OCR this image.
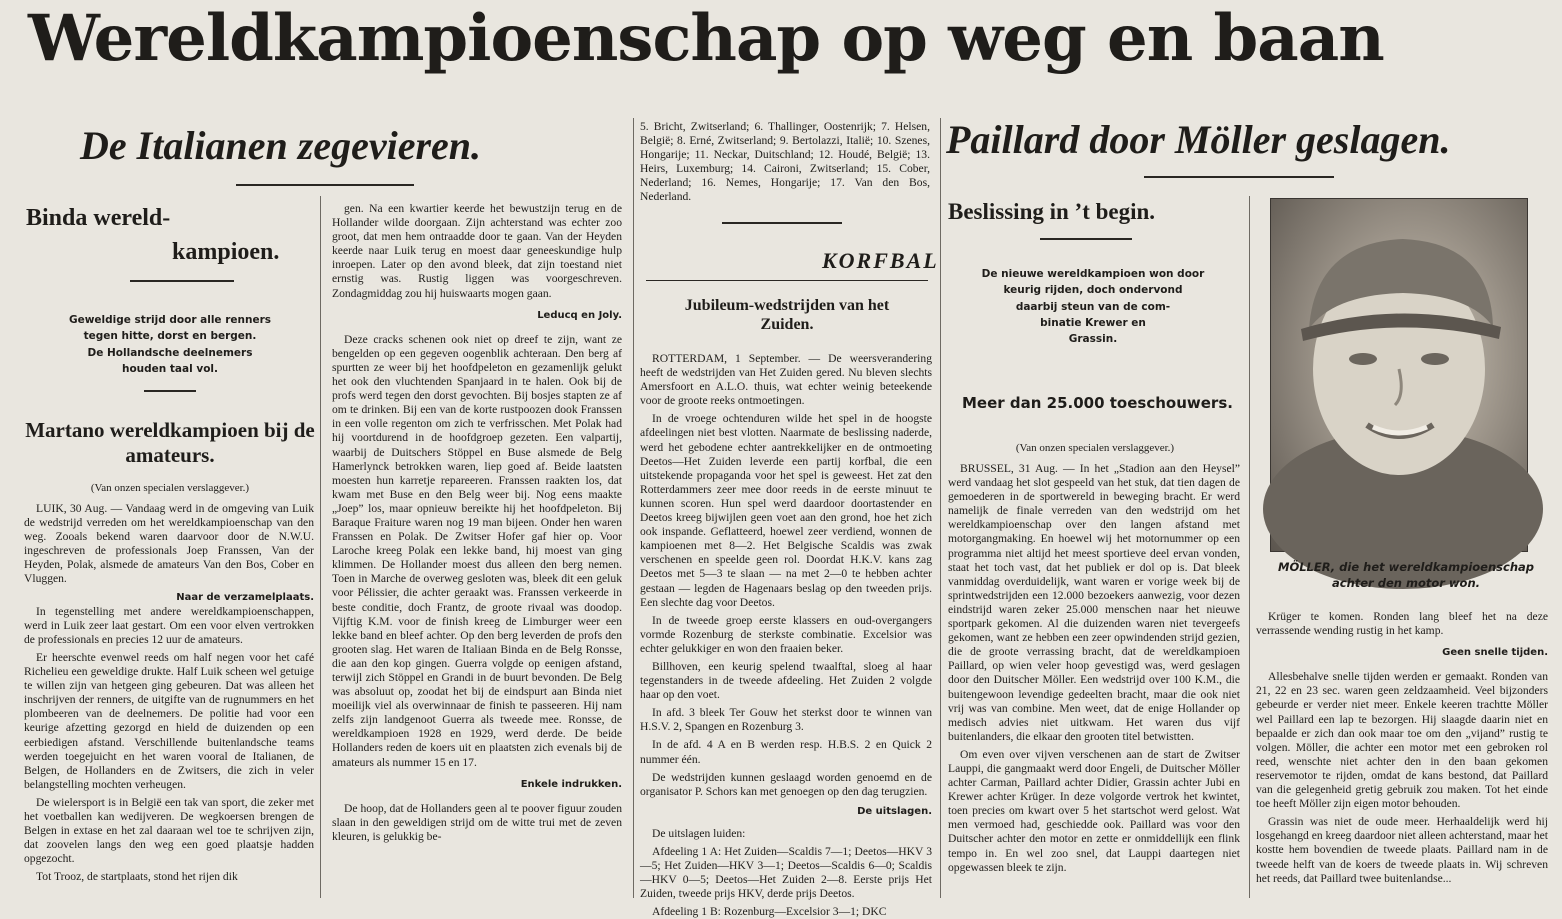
Wereldkampioenschap op weg en baan
De Italianen zegevieren.	Paillard door Möller geslagen.
Binda wereld-
kampioen.
Geweldige strijd door alle renners
tegen hitte, dorst en bergen.
De Hollandsche deelnemers
houden taal vol.
Martano wereldkampioen bij de amateurs.
(Van onzen specialen verslaggever.)

LUIK, 30 Aug. — Vandaag werd in de omgeving van Luik de wedstrijd verreden om het wereldkampioenschap van den weg. Zooals bekend waren daarvoor door de N.W.U. ingeschreven de professionals Joep Franssen, Van der Heyden, Polak, alsmede de amateurs Van den Bos, Cober en Vluggen.

Naar de verzamelplaats.

In tegenstelling met andere wereldkampioenschappen, werd in Luik zeer laat gestart. Om een voor elven vertrokken de professionals en precies 12 uur de amateurs.

Er heerschte evenwel reeds om half negen voor het café Richelieu een geweldige drukte. Half Luik scheen wel getuige te willen zijn van hetgeen ging gebeuren. Dat was alleen het inschrijven der renners, de uitgifte van de rugnummers en het plombeeren van de deelnemers. De politie had voor een keurige afzetting gezorgd en hield de duizenden op een eerbiedigen afstand. Verschillende buitenlandsche teams werden toegejuicht en het waren vooral de Italianen, de Belgen, de Hollanders en de Zwitsers, die zich in veler belangstelling mochten verheugen.

De wielersport is in België een tak van sport, die zeker met het voetballen kan wedijveren. De wegkoersen brengen de Belgen in extase en het zal daaraan wel toe te schrijven zijn, dat zoovelen langs den weg een goed plaatsje hadden opgezocht.

Tot Trooz, de startplaats, stond het rijen dik

gen. Na een kwartier keerde het bewustzijn terug en de Hollander wilde doorgaan. Zijn achterstand was echter zoo groot, dat men hem ontraadde door te gaan. Van der Heyden keerde naar Luik terug en moest daar geneeskundige hulp inroepen. Later op den avond bleek, dat zijn toestand niet ernstig was. Rustig liggen was voorgeschreven. Zondagmiddag zou hij huiswaarts mogen gaan.

Leducq en Joly.

Deze cracks schenen ook niet op dreef te zijn, want ze bengelden op een gegeven oogenblik achteraan. Den berg af spurtten ze weer bij het hoofdpeleton en gezamenlijk gelukt het ook den vluchtenden Spanjaard in te halen. Ook bij de profs werd tegen den dorst gevochten. Bij bosjes stapten ze af om te drinken. Bij een van de korte rustpoozen dook Franssen in een volle regenton om zich te verfrisschen. Met Polak had hij voortdurend in de hoofdgroep gezeten. Een valpartij, waarbij de Duitschers Stöppel en Buse alsmede de Belg Hamerlynck betrokken waren, liep goed af. Beide laatsten moesten hun karretje repareeren. Franssen raakten los, dat kwam met Buse en den Belg weer bij. Nog eens maakte „Joep” los, maar opnieuw bereikte hij het hoofdpeleton. Bij Baraque Fraiture waren nog 19 man bijeen. Onder hen waren Franssen en Polak. De Zwitser Hofer gaf hier op. Voor Laroche kreeg Polak een lekke band, hij moest van ging klimmen. De Hollander moest dus alleen den berg nemen. Toen in Marche de overweg gesloten was, bleek dit een geluk voor Pélissier, die achter geraakt was. Franssen verkeerde in beste conditie, doch Frantz, de groote rivaal was doodop. Vijftig K.M. voor de finish kreeg de Limburger weer een lekke band en bleef achter. Op den berg leverden de profs den grooten slag. Het waren de Italiaan Binda en de Belg Ronsse, die aan den kop gingen. Guerra volgde op eenigen afstand, terwijl zich Stöppel en Grandi in de buurt bevonden. De Belg was absoluut op, zoodat het bij de eindspurt aan Binda niet moeilijk viel als overwinnaar de finish te passeeren. Hij nam zelfs zijn landgenoot Guerra als tweede mee. Ronsse, de wereldkampioen 1928 en 1929, werd derde. De beide Hollanders reden de koers uit en plaatsten zich evenals bij de amateurs als nummer 15 en 17.

Enkele indrukken.

De hoop, dat de Hollanders geen al te poover figuur zouden slaan in den geweldigen strijd om de witte trui met de zeven kleuren, is gelukkig be-

5. Bricht, Zwitserland; 6. Thallinger, Oostenrijk; 7. Helsen, België; 8. Erné, Zwitserland; 9. Bertolazzi, Italië; 10. Szenes, Hongarije; 11. Neckar, Duitschland; 12. Houdé, België; 13. Heirs, Luxemburg; 14. Caironi, Zwitserland; 15. Cober, Nederland; 16. Nemes, Hongarije; 17. Van den Bos, Nederland.

KORFBAL
Jubileum-wedstrijden van het Zuiden.

ROTTERDAM, 1 September. — De weersverandering heeft de wedstrijden van Het Zuiden gered. Nu bleven slechts Amersfoort en A.L.O. thuis, wat echter weinig beteekende voor de groote reeks ontmoetingen.

In de vroege ochtenduren wilde het spel in de hoogste afdeelingen niet best vlotten. Naarmate de beslissing naderde, werd het gebodene echter aantrekkelijker en de ontmoeting Deetos—Het Zuiden leverde een partij korfbal, die een uitstekende propaganda voor het spel is geweest. Het zat den Rotterdammers zeer mee door reeds in de eerste minuut te kunnen scoren. Hun spel werd daardoor doortastender en Deetos kreeg bijwijlen geen voet aan den grond, hoe het zich ook inspande. Geflatteerd, hoewel zeer verdiend, wonnen de kampioenen met 8—2. Het Belgische Scaldis was zwak verschenen en speelde geen rol. Doordat H.K.V. kans zag Deetos met 5—3 te slaan — na met 2—0 te hebben achter gestaan — legden de Hagenaars beslag op den tweeden prijs. Een slechte dag voor Deetos.

In de tweede groep eerste klassers en oud-overgangers vormde Rozenburg de sterkste combinatie. Excelsior was echter gelukkiger en won den fraaien beker.

Billhoven, een keurig spelend twaalftal, sloeg al haar tegenstanders in de tweede afdeeling. Het Zuiden 2 volgde haar op den voet.

In afd. 3 bleek Ter Gouw het sterkst door te winnen van H.S.V. 2, Spangen en Rozenburg 3.

In de afd. 4 A en B werden resp. H.B.S. 2 en Quick 2 nummer één.

De wedstrijden kunnen geslaagd worden genoemd en de organisator P. Schors kan met genoegen op den dag terugzien.

De uitslagen.

De uitslagen luiden:

Afdeeling 1 A: Het Zuiden—Scaldis 7—1; Deetos—HKV 3—5; Het Zuiden—HKV 3—1; Deetos—Scaldis 6—0; Scaldis—HKV 0—5; Deetos—Het Zuiden 2—8. Eerste prijs Het Zuiden, tweede prijs HKV, derde prijs Deetos.

Afdeeling 1 B: Rozenburg—Excelsior 3—1; DKC

Beslissing in ’t begin.
De nieuwe wereldkampioen won door
keurig rijden, doch ondervond
daarbij steun van de com-
binatie Krewer en
Grassin.
Meer dan 25.000 toeschouwers.
(Van onzen specialen verslaggever.)

BRUSSEL, 31 Aug. — In het „Stadion aan den Heysel” werd vandaag het slot gespeeld van het stuk, dat tien dagen de gemoederen in de sportwereld in beweging bracht. Er werd namelijk de finale verreden van den wedstrijd om het wereldkampioenschap over den langen afstand met motorgangmaking. En hoewel wij het motornummer op een programma niet altijd het meest sportieve deel ervan vonden, staat het toch vast, dat het publiek er dol op is. Dat bleek vanmiddag overduidelijk, want waren er vorige week bij de sprintwedstrijden een 12.000 bezoekers aanwezig, voor dezen eindstrijd waren zeker 25.000 menschen naar het nieuwe sportpark gekomen. Al die duizenden waren niet tevergeefs gekomen, want ze hebben een zeer opwindenden strijd gezien, die de groote verrassing bracht, dat de wereldkampioen Paillard, op wien veler hoop gevestigd was, werd geslagen door den Duitscher Möller. Een wedstrijd over 100 K.M., die buitengewoon levendige gedeelten bracht, maar die ook niet vrij was van combine. Men weet, dat de enige Hollander op medisch advies niet uitkwam. Het waren dus vijf buitenlanders, die elkaar den grooten titel betwistten.

Om even over vijven verschenen aan de start de Zwitser Lauppi, die gangmaakt werd door Engeli, de Duitscher Möller achter Carman, Paillard achter Didier, Grassin achter Jubi en Krewer achter Krüger. In deze volgorde vertrok het kwintet, toen precies om kwart over 5 het startschot werd gelost. Wat men vermoed had, geschiedde ook. Paillard was voor den Duitscher achter den motor en zette er onmiddellijk een flink tempo in. En wel zoo snel, dat Lauppi daartegen niet opgewassen bleek te zijn.

MÖLLER, die het wereldkampioenschap
achter den motor won.

Krüger te komen. Ronden lang bleef het na deze verrassende wending rustig in het kamp.

Geen snelle tijden.

Allesbehalve snelle tijden werden er gemaakt. Ronden van 21, 22 en 23 sec. waren geen zeldzaamheid. Veel bijzonders gebeurde er verder niet meer. Enkele keeren trachtte Möller wel Paillard een lap te bezorgen. Hij slaagde daarin niet en bepaalde er zich dan ook maar toe om den „vijand” rustig te volgen. Möller, die achter een motor met een gebroken rol reed, wenschte niet achter den in den baan gekomen reservemotor te rijden, omdat de kans bestond, dat Paillard van die gelegenheid gretig gebruik zou maken. Tot het einde toe heeft Möller zijn eigen motor behouden.

Grassin was niet de oude meer. Herhaaldelijk werd hij losgehangd en kreeg daardoor niet alleen achterstand, maar het kostte hem bovendien de tweede plaats. Paillard nam in de tweede helft van de koers de tweede plaats in. Wij schreven het reeds, dat Paillard twee buitenlandse...
